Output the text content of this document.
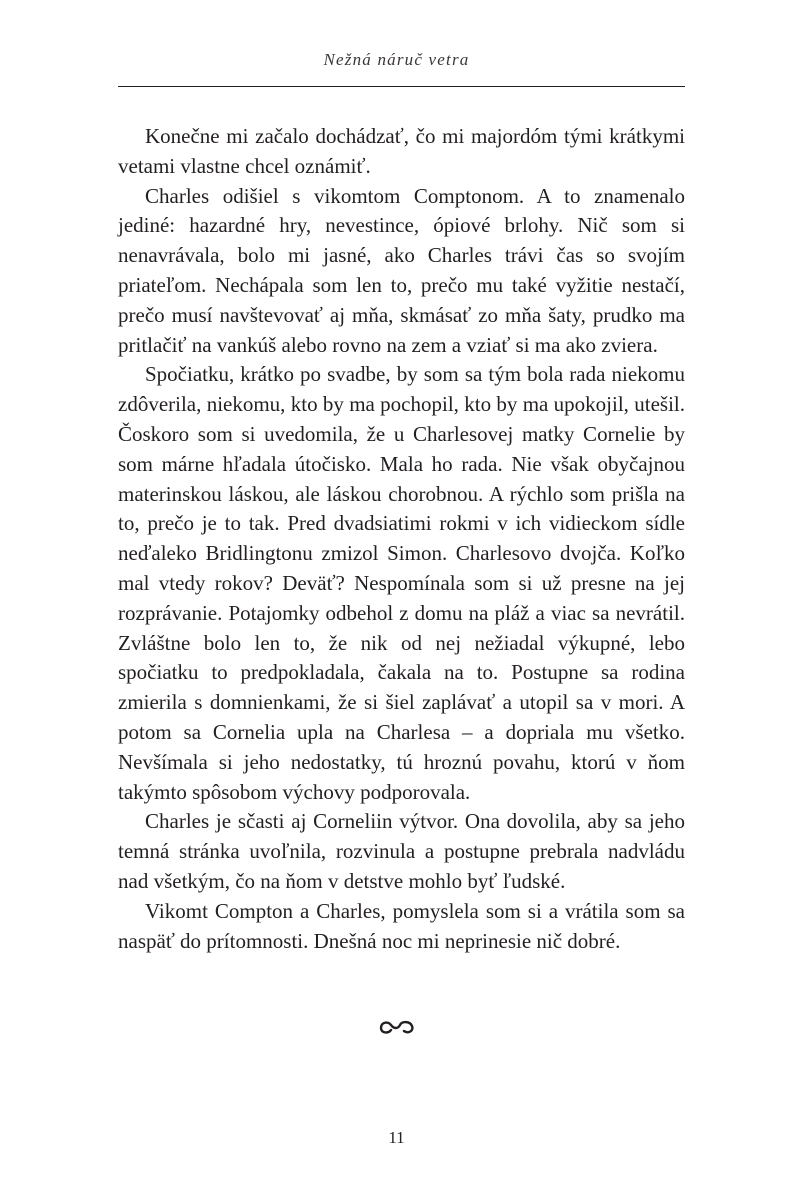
Nežná náruč vetra

Konečne mi začalo dochádzať, čo mi majordóm tými krátkymi vetami vlastne chcel oznámiť.

Charles odišiel s vikomtom Comptonom. A to znamenalo jediné: hazardné hry, nevestince, ópiové brlohy. Nič som si nenavrávala, bolo mi jasné, ako Charles trávi čas so svojím priateľom. Nechápala som len to, prečo mu také vyžitie nestačí, prečo musí navštevovať aj mňa, skmásať zo mňa šaty, prudko ma pritlačiť na vankúš alebo rovno na zem a vziať si ma ako zviera.

Spočiatku, krátko po svadbe, by som sa tým bola rada niekomu zdôverila, niekomu, kto by ma pochopil, kto by ma upokojil, utešil. Čoskoro som si uvedomila, že u Charlesovej matky Cornelie by som márne hľadala útočisko. Mala ho rada. Nie však obyčajnou materinskou láskou, ale láskou chorobnou. A rýchlo som prišla na to, prečo je to tak. Pred dvadsiatimi rokmi v ich vidieckom sídle neďaleko Bridlingtonu zmizol Simon. Charlesovo dvojča. Koľko mal vtedy rokov? Deväť? Nespomínala som si už presne na jej rozprávanie. Potajomky odbehol z domu na pláž a viac sa nevrátil. Zvláštne bolo len to, že nik od nej nežiadal výkupné, lebo spočiatku to predpokladala, čakala na to. Postupne sa rodina zmierila s domnienkami, že si šiel zaplávať a utopil sa v mori. A potom sa Cornelia upla na Charlesa – a dopriala mu všetko. Nevšímala si jeho nedostatky, tú hroznú povahu, ktorú v ňom takýmto spôsobom výchovy podporovala.

Charles je sčasti aj Corneliin výtvor. Ona dovolila, aby sa jeho temná stránka uvoľnila, rozvinula a postupne prebrala nadvládu nad všetkým, čo na ňom v detstve mohlo byť ľudské.

Vikomt Compton a Charles, pomyslela som si a vrátila som sa naspäť do prítomnosti. Dnešná noc mi neprinesie nič dobré.

11
